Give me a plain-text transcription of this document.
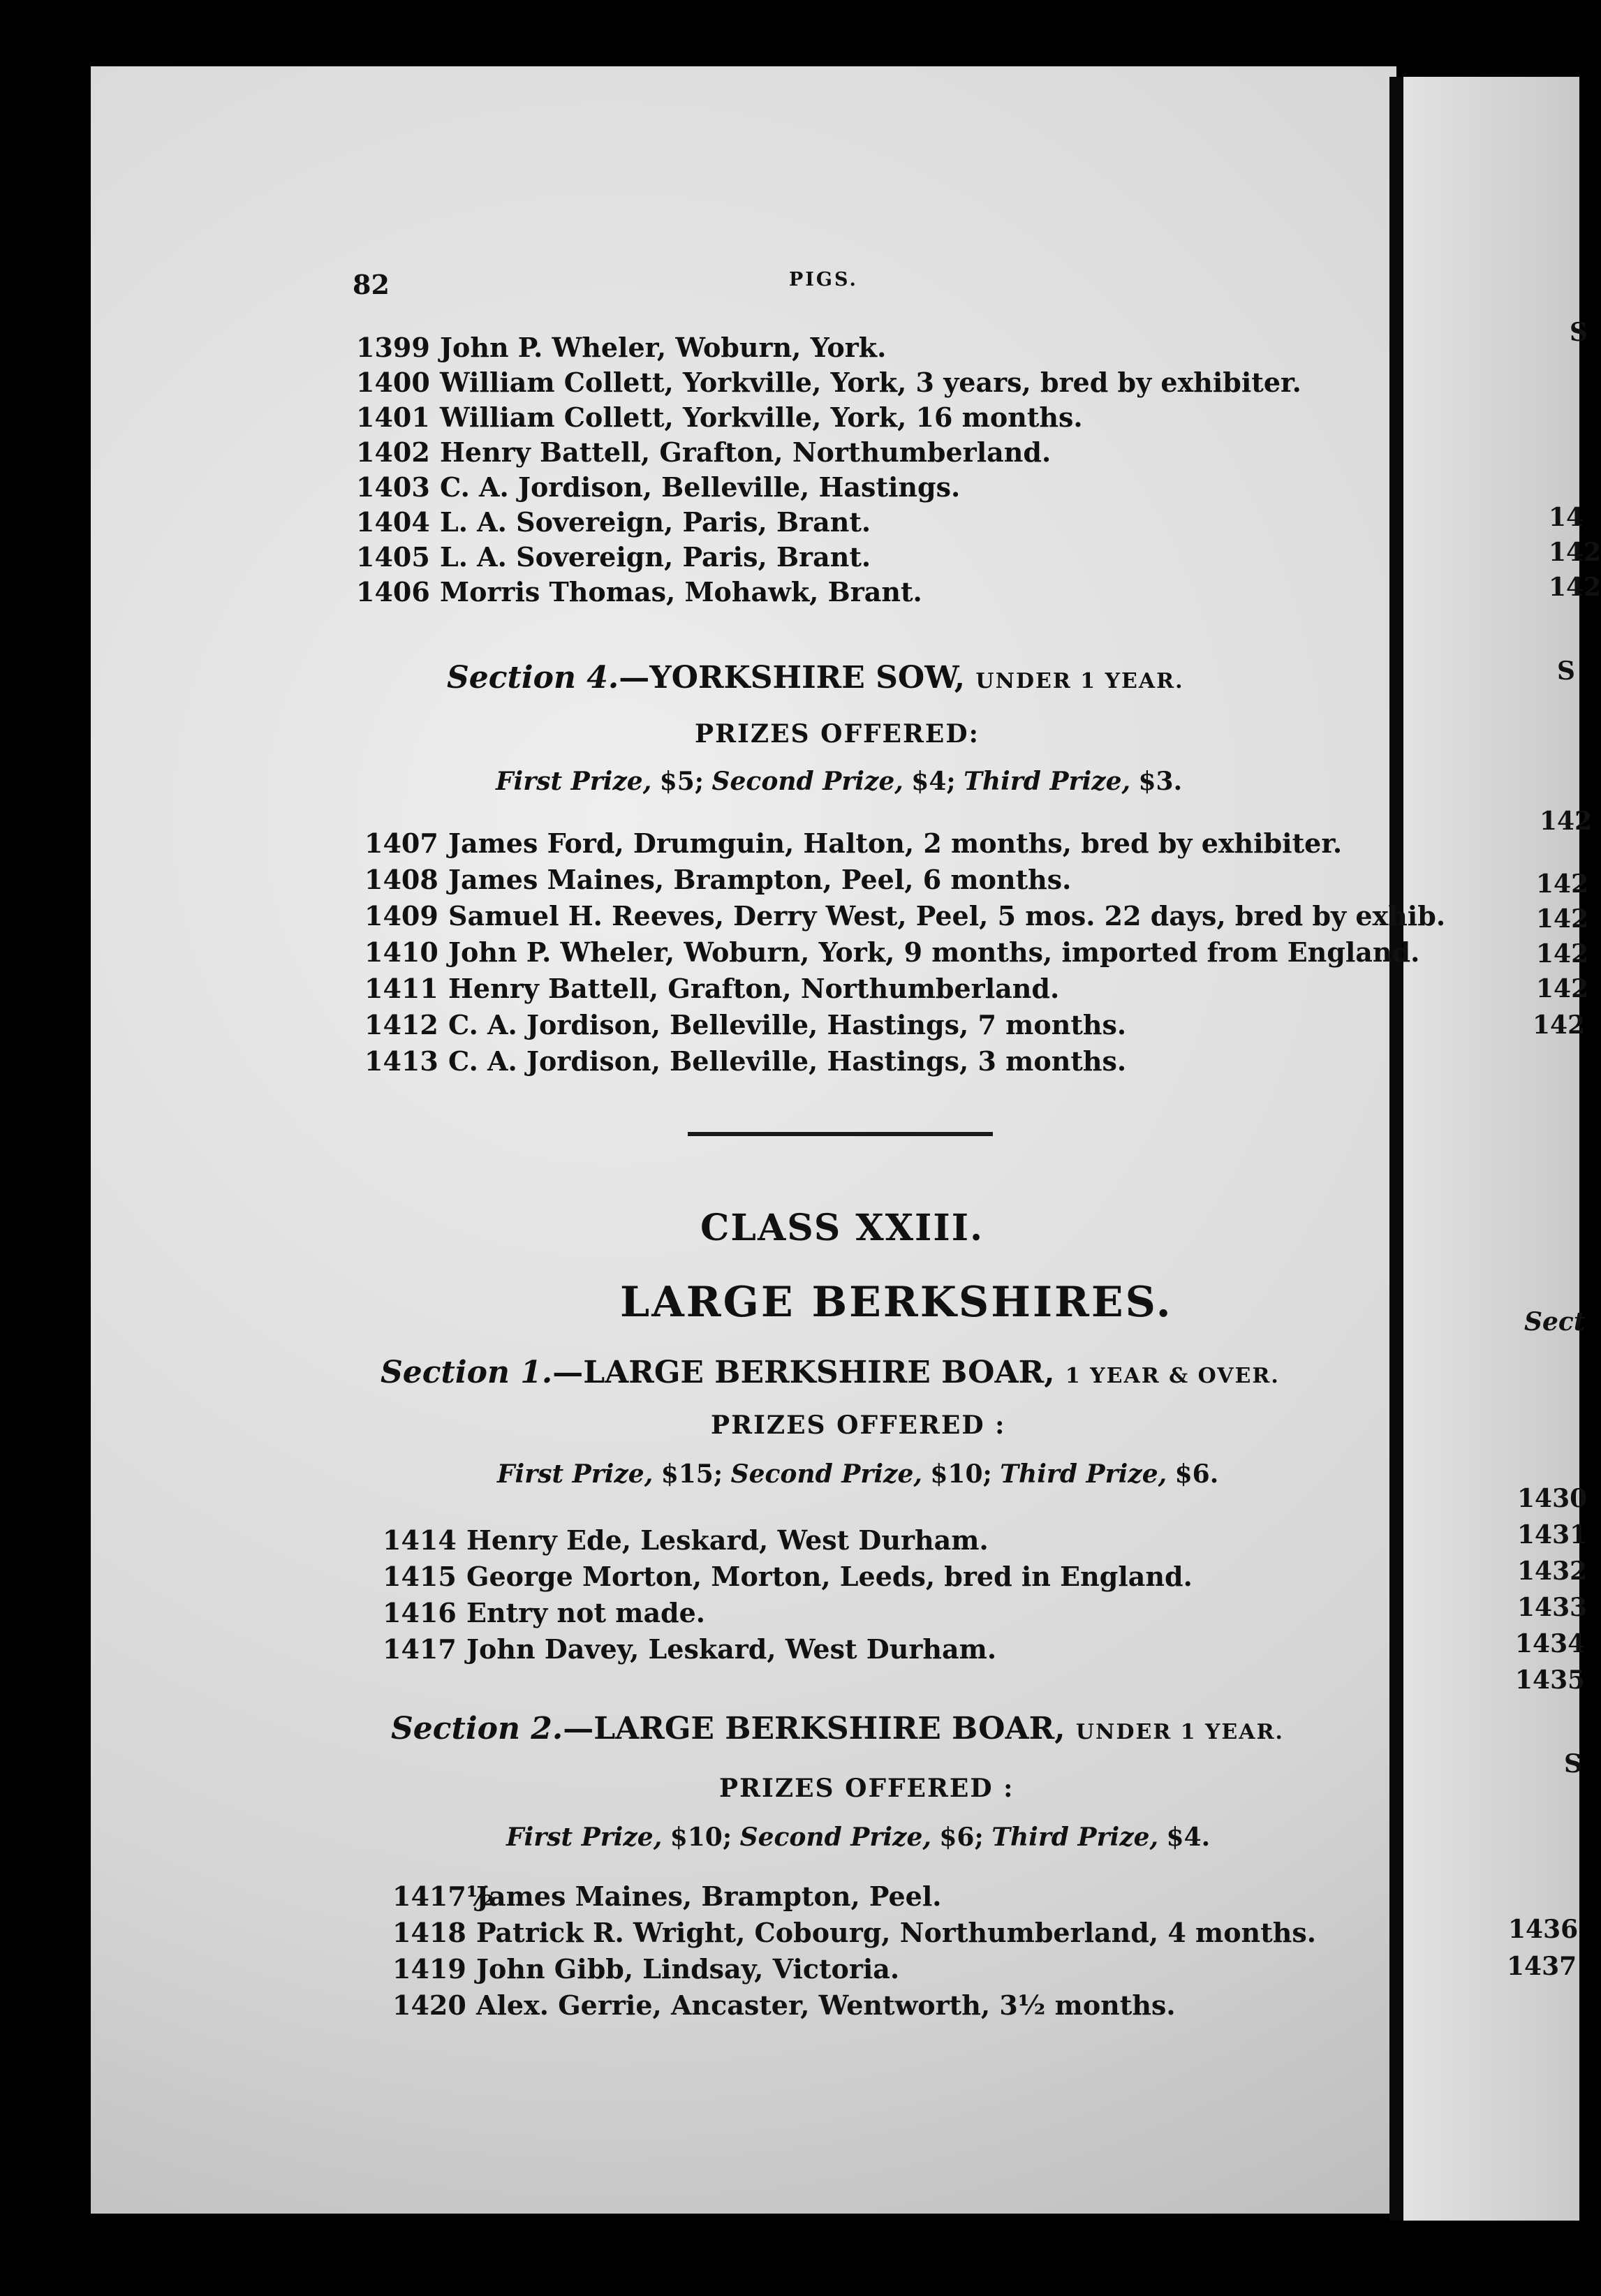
82	PIGS.
1399 John P. Wheler, Woburn, York.
1400 William Collett, Yorkville, York, 3 years, bred by exhibiter.
1401 William Collett, Yorkville, York, 16 months.
1402 Henry Battell, Grafton, Northumberland.
1403 C. A. Jordison, Belleville, Hastings.
1404 L. A. Sovereign, Paris, Brant.
1405 L. A. Sovereign, Paris, Brant.
1406 Morris Thomas, Mohawk, Brant.
Section 4.—YORKSHIRE SOW, UNDER 1 YEAR.
PRIZES OFFERED:
First Prize, $5; Second Prize, $4; Third Prize, $3.
1407 James Ford, Drumguin, Halton, 2 months, bred by exhibiter.
1408 James Maines, Brampton, Peel, 6 months.
1409 Samuel H. Reeves, Derry West, Peel, 5 mos. 22 days, bred by exhib.
1410 John P. Wheler, Woburn, York, 9 months, imported from England.
1411 Henry Battell, Grafton, Northumberland.
1412 C. A. Jordison, Belleville, Hastings, 7 months.
1413 C. A. Jordison, Belleville, Hastings, 3 months.
CLASS XXIII.
LARGE BERKSHIRES.
Section 1.—LARGE BERKSHIRE BOAR, 1 YEAR & OVER.
PRIZES OFFERED :
First Prize, $15; Second Prize, $10; Third Prize, $6.
1414 Henry Ede, Leskard, West Durham.
1415 George Morton, Morton, Leeds, bred in England.
1416 Entry not made.
1417 John Davey, Leskard, West Durham.
Section 2.—LARGE BERKSHIRE BOAR, UNDER 1 YEAR.
PRIZES OFFERED :
First Prize, $10; Second Prize, $6; Third Prize, $4.
1417½James Maines, Brampton, Peel.
1418 Patrick R. Wright, Cobourg, Northumberland, 4 months.
1419 John Gibb, Lindsay, Victoria.
1420 Alex. Gerrie, Ancaster, Wentworth, 3½ months.
S
14
142
142
S
142
142
142
142
142
142
Sect
1430
1431
1432
1433
1434
1435
S
1436
1437
